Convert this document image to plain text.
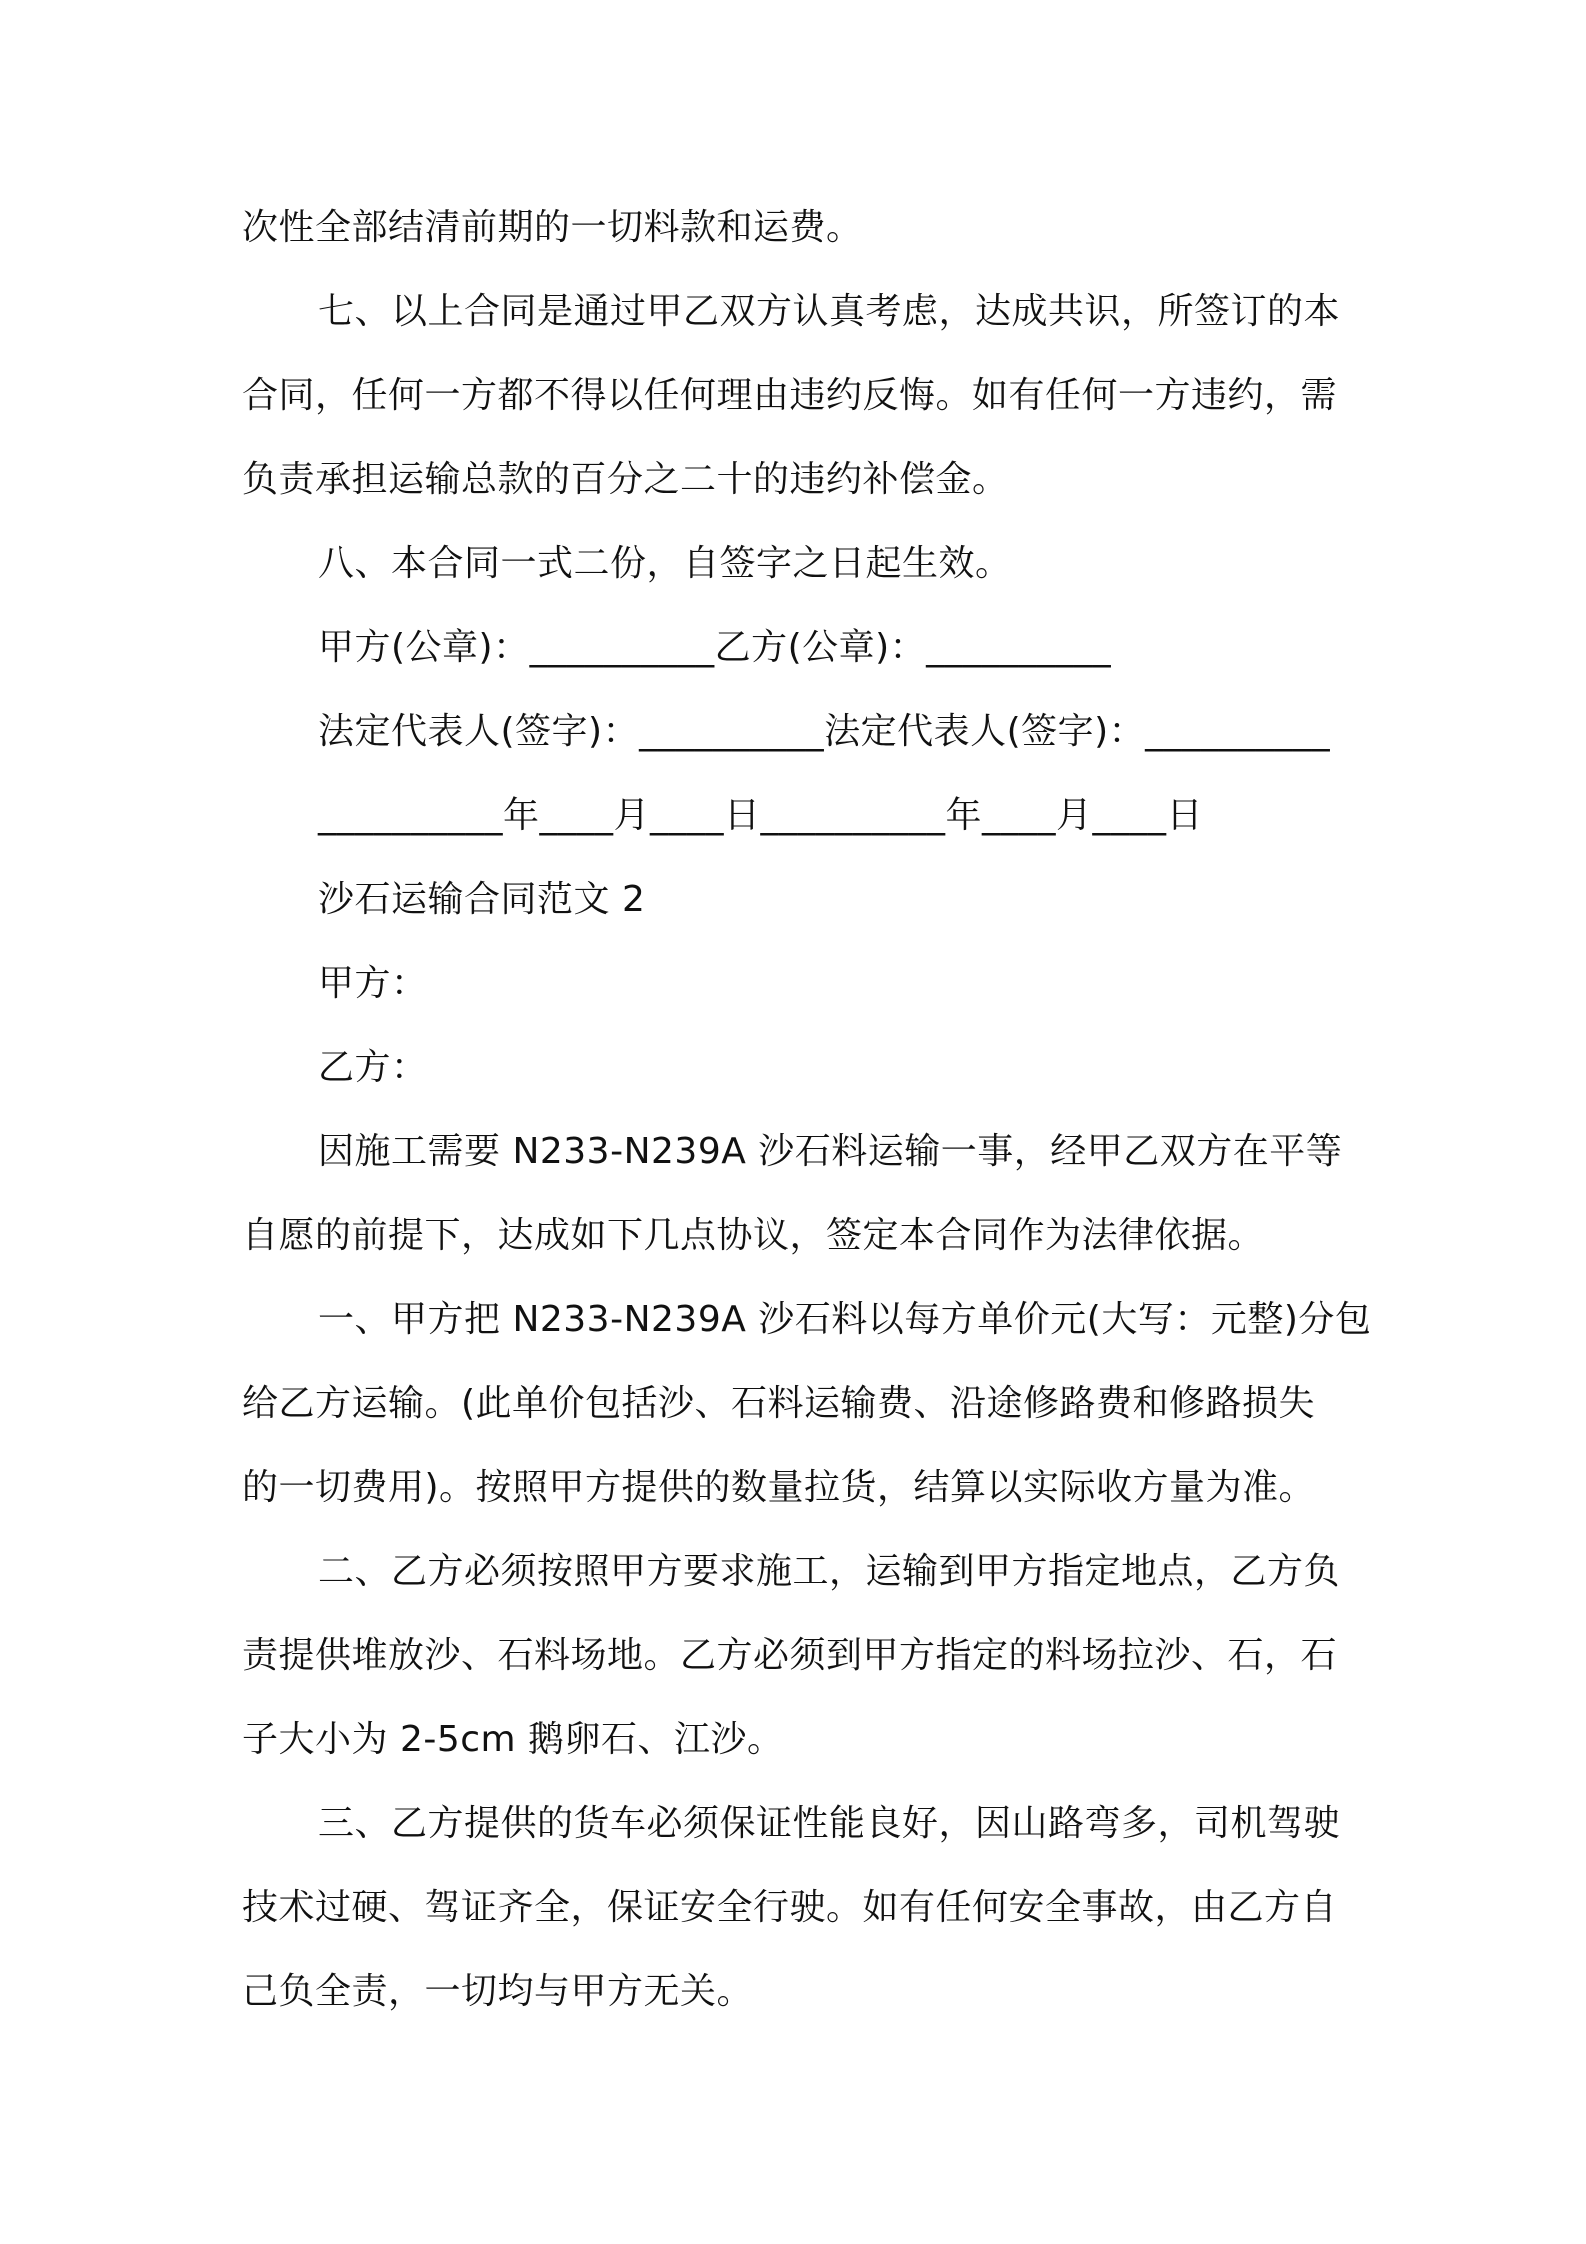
次性全部结清前期的一切料款和运费。
七、以上合同是通过甲乙双方认真考虑，达成共识，所签订的本
合同，任何一方都不得以任何理由违约反悔。如有任何一方违约，需
负责承担运输总款的百分之二十的违约补偿金。
八、本合同一式二份，自签字之日起生效。
甲方(公章)：__________乙方(公章)：__________
法定代表人(签字)：__________法定代表人(签字)：__________
__________年____月____日__________年____月____日
沙石运输合同范文 2
甲方：
乙方：
因施工需要 N233-N239A 沙石料运输一事，经甲乙双方在平等
自愿的前提下，达成如下几点协议，签定本合同作为法律依据。
一、甲方把 N233-N239A 沙石料以每方单价元(大写：元整)分包
给乙方运输。(此单价包括沙、石料运输费、沿途修路费和修路损失
的一切费用)。按照甲方提供的数量拉货，结算以实际收方量为准。
二、乙方必须按照甲方要求施工，运输到甲方指定地点，乙方负
责提供堆放沙、石料场地。乙方必须到甲方指定的料场拉沙、石，石
子大小为 2-5cm 鹅卵石、江沙。
三、乙方提供的货车必须保证性能良好，因山路弯多，司机驾驶
技术过硬、驾证齐全，保证安全行驶。如有任何安全事故，由乙方自
己负全责，一切均与甲方无关。
